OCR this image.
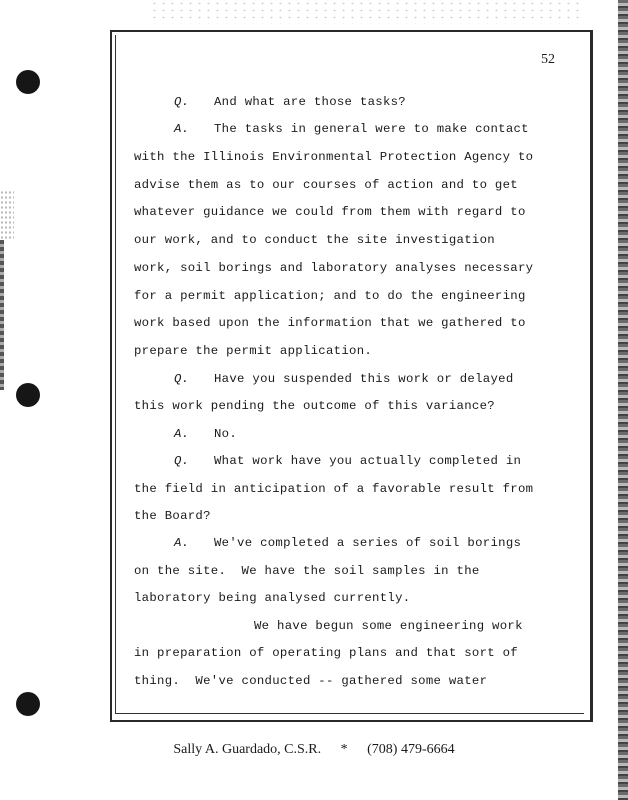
52
Q. And what are those tasks?
A. The tasks in general were to make contact
with the Illinois Environmental Protection Agency to
advise them as to our courses of action and to get
whatever guidance we could from them with regard to
our work, and to conduct the site investigation
work, soil borings and laboratory analyses necessary
for a permit application; and to do the engineering
work based upon the information that we gathered to
prepare the permit application.
Q. Have you suspended this work or delayed
this work pending the outcome of this variance?
A. No.
Q. What work have you actually completed in
the field in anticipation of a favorable result from
the Board?
A. We've completed a series of soil borings
on the site.  We have the soil samples in the
laboratory being analysed currently.
We have begun some engineering work
in preparation of operating plans and that sort of
thing.  We've conducted -- gathered some water
Sally A. Guardado, C.S.R. * (708) 479-6664
